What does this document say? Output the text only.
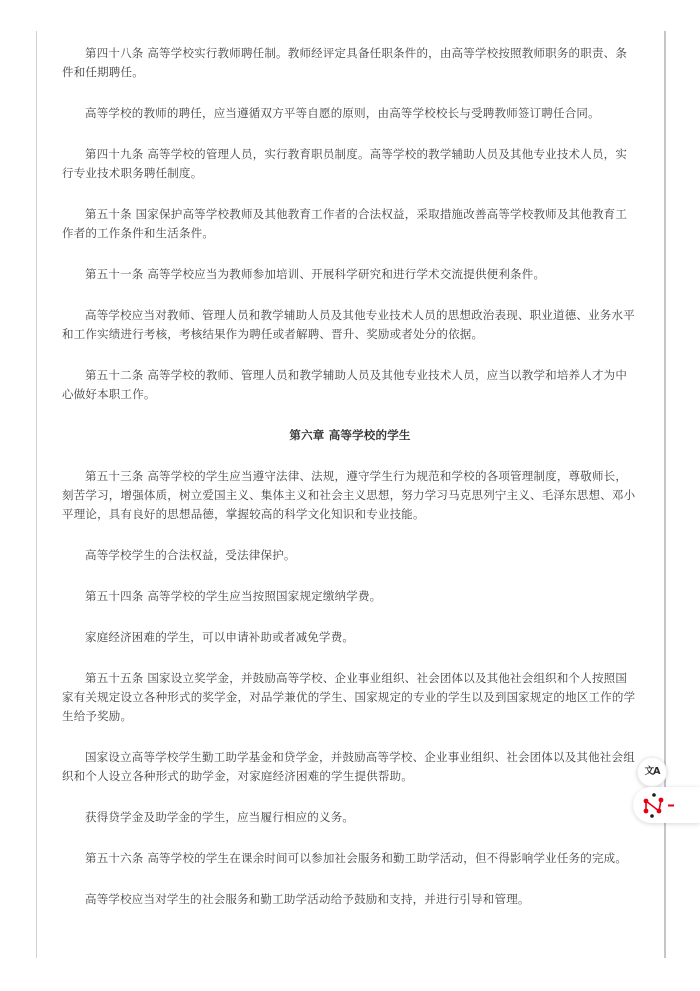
第四十八条 高等学校实行教师聘任制。教师经评定具备任职条件的，由高等学校按照教师职务的职责、条件和任期聘任。

高等学校的教师的聘任，应当遵循双方平等自愿的原则，由高等学校校长与受聘教师签订聘任合同。

第四十九条 高等学校的管理人员，实行教育职员制度。高等学校的教学辅助人员及其他专业技术人员，实行专业技术职务聘任制度。

第五十条 国家保护高等学校教师及其他教育工作者的合法权益，采取措施改善高等学校教师及其他教育工作者的工作条件和生活条件。

第五十一条 高等学校应当为教师参加培训、开展科学研究和进行学术交流提供便利条件。

高等学校应当对教师、管理人员和教学辅助人员及其他专业技术人员的思想政治表现、职业道德、业务水平和工作实绩进行考核，考核结果作为聘任或者解聘、晋升、奖励或者处分的依据。

第五十二条 高等学校的教师、管理人员和教学辅助人员及其他专业技术人员，应当以教学和培养人才为中心做好本职工作。

第六章 高等学校的学生

第五十三条 高等学校的学生应当遵守法律、法规，遵守学生行为规范和学校的各项管理制度，尊敬师长，刻苦学习，增强体质，树立爱国主义、集体主义和社会主义思想，努力学习马克思列宁主义、毛泽东思想、邓小平理论，具有良好的思想品德，掌握较高的科学文化知识和专业技能。

高等学校学生的合法权益，受法律保护。

第五十四条 高等学校的学生应当按照国家规定缴纳学费。

家庭经济困难的学生，可以申请补助或者减免学费。

第五十五条 国家设立奖学金，并鼓励高等学校、企业事业组织、社会团体以及其他社会组织和个人按照国家有关规定设立各种形式的奖学金，对品学兼优的学生、国家规定的专业的学生以及到国家规定的地区工作的学生给予奖励。

国家设立高等学校学生勤工助学基金和贷学金，并鼓励高等学校、企业事业组织、社会团体以及其他社会组织和个人设立各种形式的助学金，对家庭经济困难的学生提供帮助。

获得贷学金及助学金的学生，应当履行相应的义务。

第五十六条 高等学校的学生在课余时间可以参加社会服务和勤工助学活动，但不得影响学业任务的完成。

高等学校应当对学生的社会服务和勤工助学活动给予鼓励和支持，并进行引导和管理。

文A
